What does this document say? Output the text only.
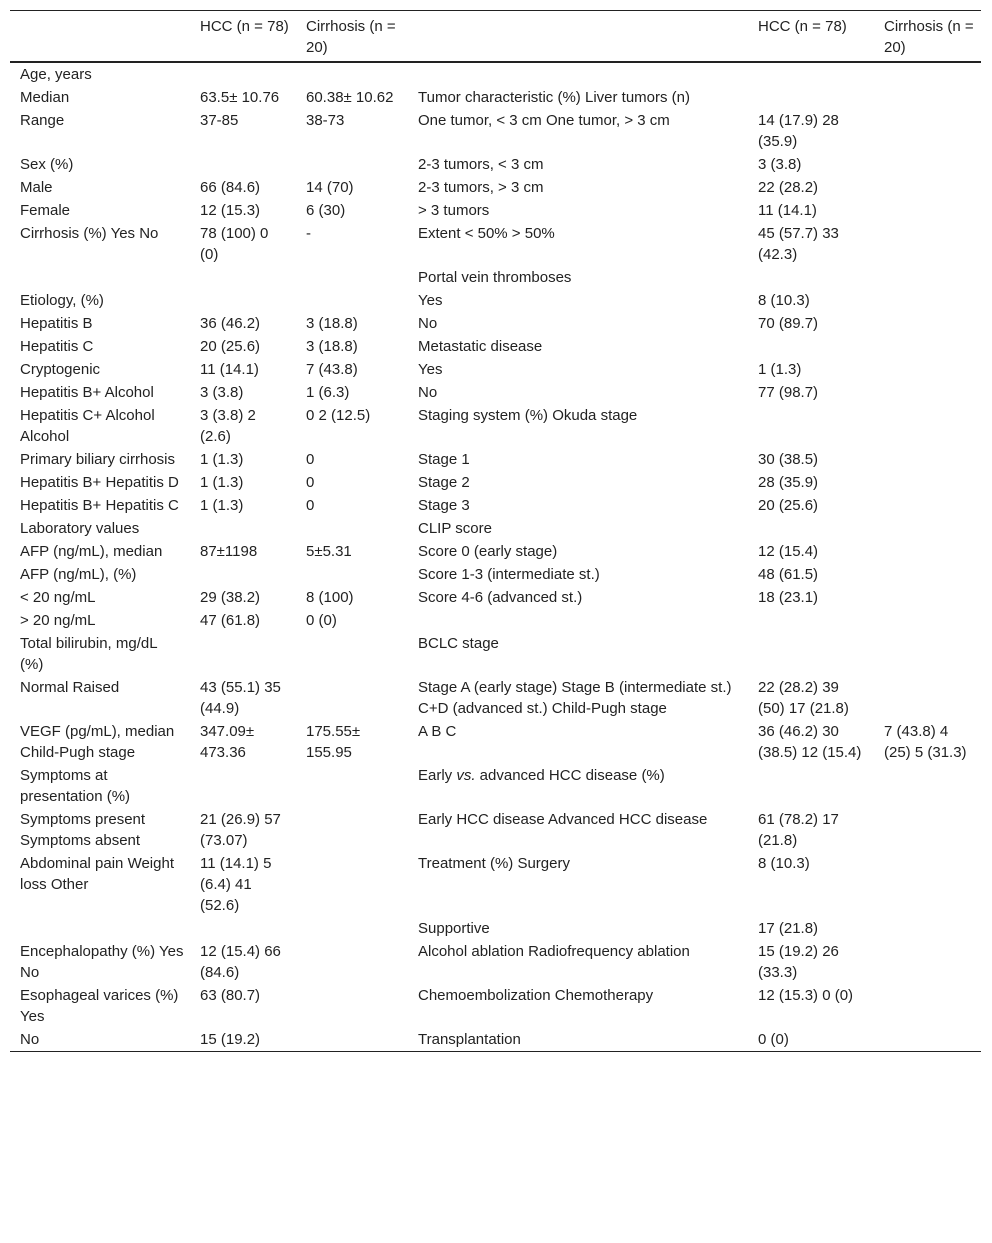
	HCC (n = 78)	Cirrhosis (n = 20)		HCC (n = 78)	Cirrhosis (n = 20)
Age, years					
Median	63.5± 10.76	60.38± 10.62	Tumor characteristic (%) Liver tumors (n)		
Range	37-85	38-73	One tumor, < 3 cm One tumor, > 3 cm	14 (17.9) 28 (35.9)	
Sex (%)			2-3 tumors, < 3 cm	3 (3.8)	
Male	66 (84.6)	14 (70)	2-3 tumors, > 3 cm	22 (28.2)	
Female	12 (15.3)	6 (30)	> 3 tumors	11 (14.1)	
Cirrhosis (%) Yes No	78 (100) 0 (0)	-	Extent < 50% > 50%	45 (57.7) 33 (42.3)	
			Portal vein thromboses		
Etiology, (%)			Yes	8 (10.3)	
Hepatitis B	36 (46.2)	3 (18.8)	No	70 (89.7)	
Hepatitis C	20 (25.6)	3 (18.8)	Metastatic disease		
Cryptogenic	11 (14.1)	7 (43.8)	Yes	1 (1.3)	
Hepatitis B+ Alcohol	3 (3.8)	1 (6.3)	No	77 (98.7)	
Hepatitis C+ Alcohol Alcohol	3 (3.8) 2 (2.6)	0 2 (12.5)	Staging system (%) Okuda stage		
Primary biliary cirrhosis	1 (1.3)	0	Stage 1	30 (38.5)	
Hepatitis B+ Hepatitis D	1 (1.3)	0	Stage 2	28 (35.9)	
Hepatitis B+ Hepatitis C	1 (1.3)	0	Stage 3	20 (25.6)	
Laboratory values			CLIP score		
AFP (ng/mL), median	87±1198	5±5.31	Score 0 (early stage)	12 (15.4)	
AFP (ng/mL), (%)			Score 1-3 (intermediate st.)	48 (61.5)	
< 20 ng/mL	29 (38.2)	8 (100)	Score 4-6 (advanced st.)	18 (23.1)	
> 20 ng/mL	47 (61.8)	0 (0)			
Total bilirubin, mg/dL (%)			BCLC stage		
Normal Raised	43 (55.1) 35 (44.9)		Stage A (early stage) Stage B (intermediate st.) C+D (advanced st.) Child-Pugh stage	22 (28.2) 39 (50) 17 (21.8)	
VEGF (pg/mL), median Child-Pugh stage	347.09± 473.36	175.55± 155.95	A B C	36 (46.2) 30 (38.5) 12 (15.4)	7 (43.8) 4 (25) 5 (31.3)
Symptoms at presentation (%)			Early vs. advanced HCC disease (%)		
Symptoms present Symptoms absent	21 (26.9) 57 (73.07)		Early HCC disease Advanced HCC disease	61 (78.2) 17 (21.8)	
Abdominal pain Weight loss Other	11 (14.1) 5 (6.4) 41 (52.6)		Treatment (%) Surgery	8 (10.3)	
			Supportive	17 (21.8)	
Encephalopathy (%) Yes No	12 (15.4) 66 (84.6)		Alcohol ablation Radiofrequency ablation	15 (19.2) 26 (33.3)	
Esophageal varices (%) Yes	63 (80.7)		Chemoembolization Chemotherapy	12 (15.3) 0 (0)	
No	15 (19.2)		Transplantation	0 (0)	
